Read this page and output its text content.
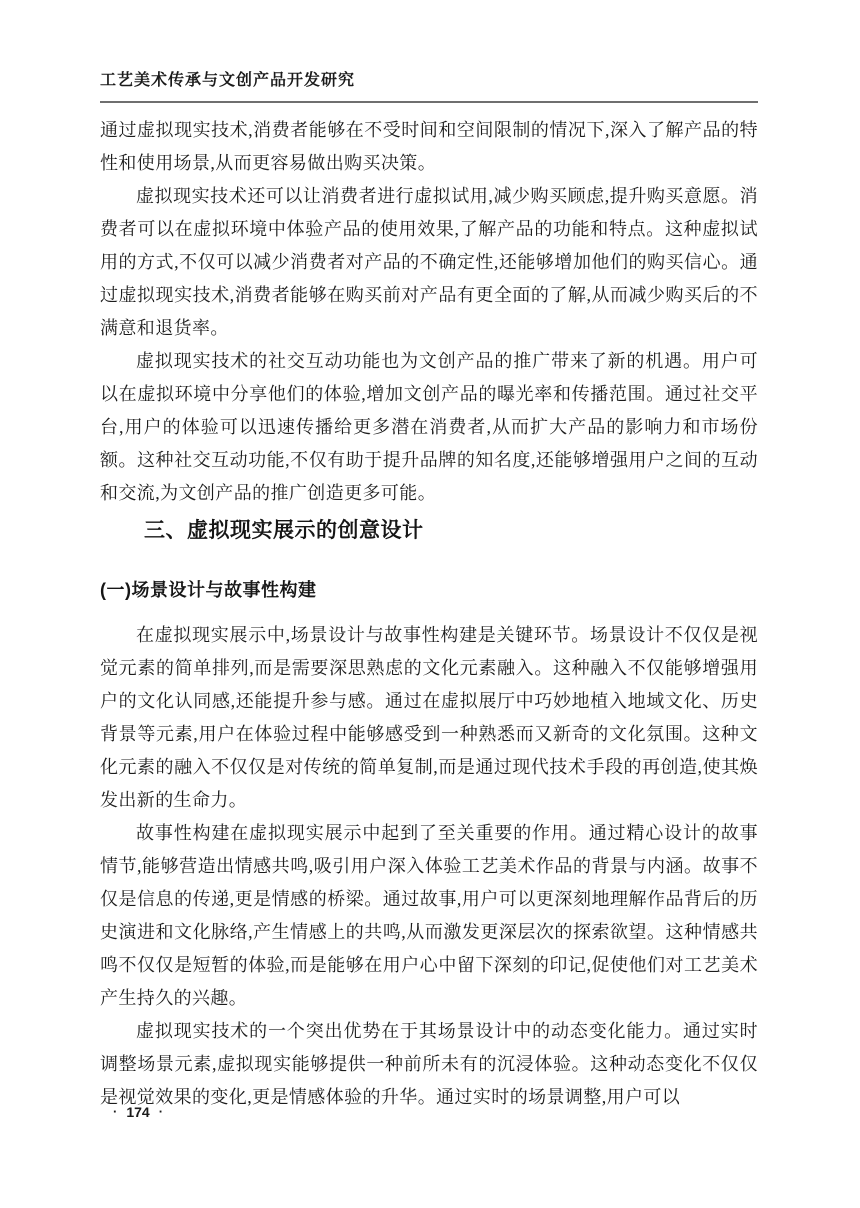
工艺美术传承与文创产品开发研究

通过虚拟现实技术,消费者能够在不受时间和空间限制的情况下,深入了解产品的特性和使用场景,从而更容易做出购买决策。

虚拟现实技术还可以让消费者进行虚拟试用,减少购买顾虑,提升购买意愿。消费者可以在虚拟环境中体验产品的使用效果,了解产品的功能和特点。这种虚拟试用的方式,不仅可以减少消费者对产品的不确定性,还能够增加他们的购买信心。通过虚拟现实技术,消费者能够在购买前对产品有更全面的了解,从而减少购买后的不满意和退货率。

虚拟现实技术的社交互动功能也为文创产品的推广带来了新的机遇。用户可以在虚拟环境中分享他们的体验,增加文创产品的曝光率和传播范围。通过社交平台,用户的体验可以迅速传播给更多潜在消费者,从而扩大产品的影响力和市场份额。这种社交互动功能,不仅有助于提升品牌的知名度,还能够增强用户之间的互动和交流,为文创产品的推广创造更多可能。

三、虚拟现实展示的创意设计
(一)场景设计与故事性构建

在虚拟现实展示中,场景设计与故事性构建是关键环节。场景设计不仅仅是视觉元素的简单排列,而是需要深思熟虑的文化元素融入。这种融入不仅能够增强用户的文化认同感,还能提升参与感。通过在虚拟展厅中巧妙地植入地域文化、历史背景等元素,用户在体验过程中能够感受到一种熟悉而又新奇的文化氛围。这种文化元素的融入不仅仅是对传统的简单复制,而是通过现代技术手段的再创造,使其焕发出新的生命力。

故事性构建在虚拟现实展示中起到了至关重要的作用。通过精心设计的故事情节,能够营造出情感共鸣,吸引用户深入体验工艺美术作品的背景与内涵。故事不仅是信息的传递,更是情感的桥梁。通过故事,用户可以更深刻地理解作品背后的历史演进和文化脉络,产生情感上的共鸣,从而激发更深层次的探索欲望。这种情感共鸣不仅仅是短暂的体验,而是能够在用户心中留下深刻的印记,促使他们对工艺美术产生持久的兴趣。

虚拟现实技术的一个突出优势在于其场景设计中的动态变化能力。通过实时调整场景元素,虚拟现实能够提供一种前所未有的沉浸体验。这种动态变化不仅仅是视觉效果的变化,更是情感体验的升华。通过实时的场景调整,用户可以

· 174 ·
